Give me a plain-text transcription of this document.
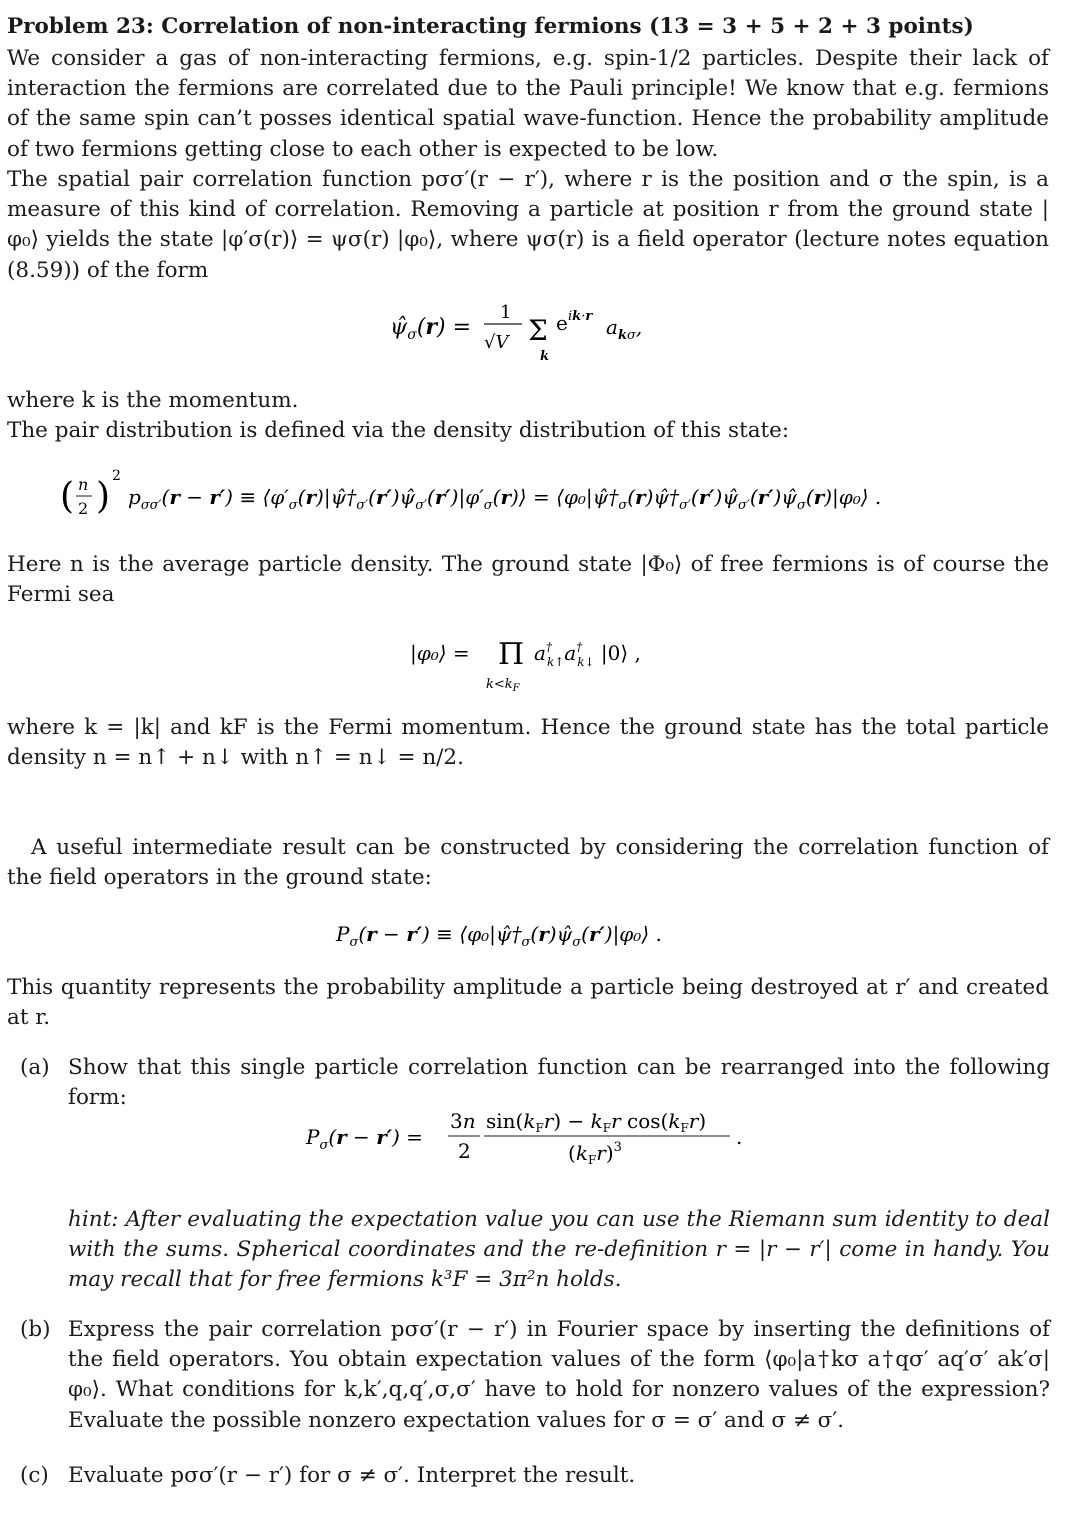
Problem 23: Correlation of non-interacting fermions (13 = 3 + 5 + 2 + 3 points)

We consider a gas of non-interacting fermions, e.g. spin-1/2 particles. Despite their lack of interaction the fermions are correlated due to the Pauli principle! We know that e.g. fermions of the same spin can’t posses identical spatial wave-function. Hence the probability amplitude of two fermions getting close to each other is expected to be low.

The spatial pair correlation function pσσ′(r − r′), where r is the position and σ the spin, is a measure of this kind of correlation. Removing a particle at position r from the ground state |φ₀⟩ yields the state |φ′σ(r)⟩ = ψσ(r) |φ₀⟩, where ψσ(r) is a field operator (lecture notes equation (8.59)) of the form

$\psî_\sigma(r)$ =
1
√V Σ
k
e ik·r $a_{k\sigma}$,

where k is the momentum.

The pair distribution is defined via the density distribution of this state:

( n
2 ) 2
$p_{\sigma\sigma'}(r - r')$ ≡ $⟨\varphi'_\sigma(r)|\psî\dagger_{\sigma'}(r')\psî_{\sigma'}(r')|\varphi'_\sigma(r)⟩$ = $⟨\varphi_0|\psî\dagger_\sigma(r)\psî\dagger_{\sigma'}(r')\psî_{\sigma'}(r')\psî_\sigma(r)|\varphi_0⟩$ .

Here n is the average particle density. The ground state |Φ₀⟩ of free fermions is of course the Fermi sea

|φ₀⟩ = Π
$k<k_F$
a† k↑a† k↓ |0⟩ ,

where k = |k| and kF is the Fermi momentum. Hence the ground state has the total particle density n = n↑ + n↓ with n↑ = n↓ = n/2.

A useful intermediate result can be constructed by considering the correlation function of the field operators in the ground state:

$P_\sigma(r - r')$ ≡ $⟨\varphi_0|\psî\dagger_\sigma(r)\psî_\sigma(r')|\varphi_0⟩$ .

This quantity represents the probability amplitude a particle being destroyed at r′ and created at r.

(a) Show that this single particle correlation function can be rearranged into the following form:
$P_\sigma(r - r')$ =
3n
2
$\sin(k_Fr) - k_Fr$ $\cos(k_Fr)$
$(k_Fr)^3$	.
hint: After evaluating the expectation value you can use the Riemann sum identity to deal with the sums. Spherical coordinates and the re-definition r = |r − r′| come in handy. You may recall that for free fermions k³F = 3π²n holds.
(b) Express the pair correlation pσσ′(r − r′) in Fourier space by inserting the definitions of the field operators. You obtain expectation values of the form ⟨φ₀|a†kσ a†qσ′ aq′σ′ ak′σ|φ₀⟩. What conditions for k,k′,q,q′,σ,σ′ have to hold for nonzero values of the expression? Evaluate the possible nonzero expectation values for σ = σ′ and σ ≠ σ′.
(c) Evaluate pσσ′(r − r′) for σ ≠ σ′. Interpret the result.
